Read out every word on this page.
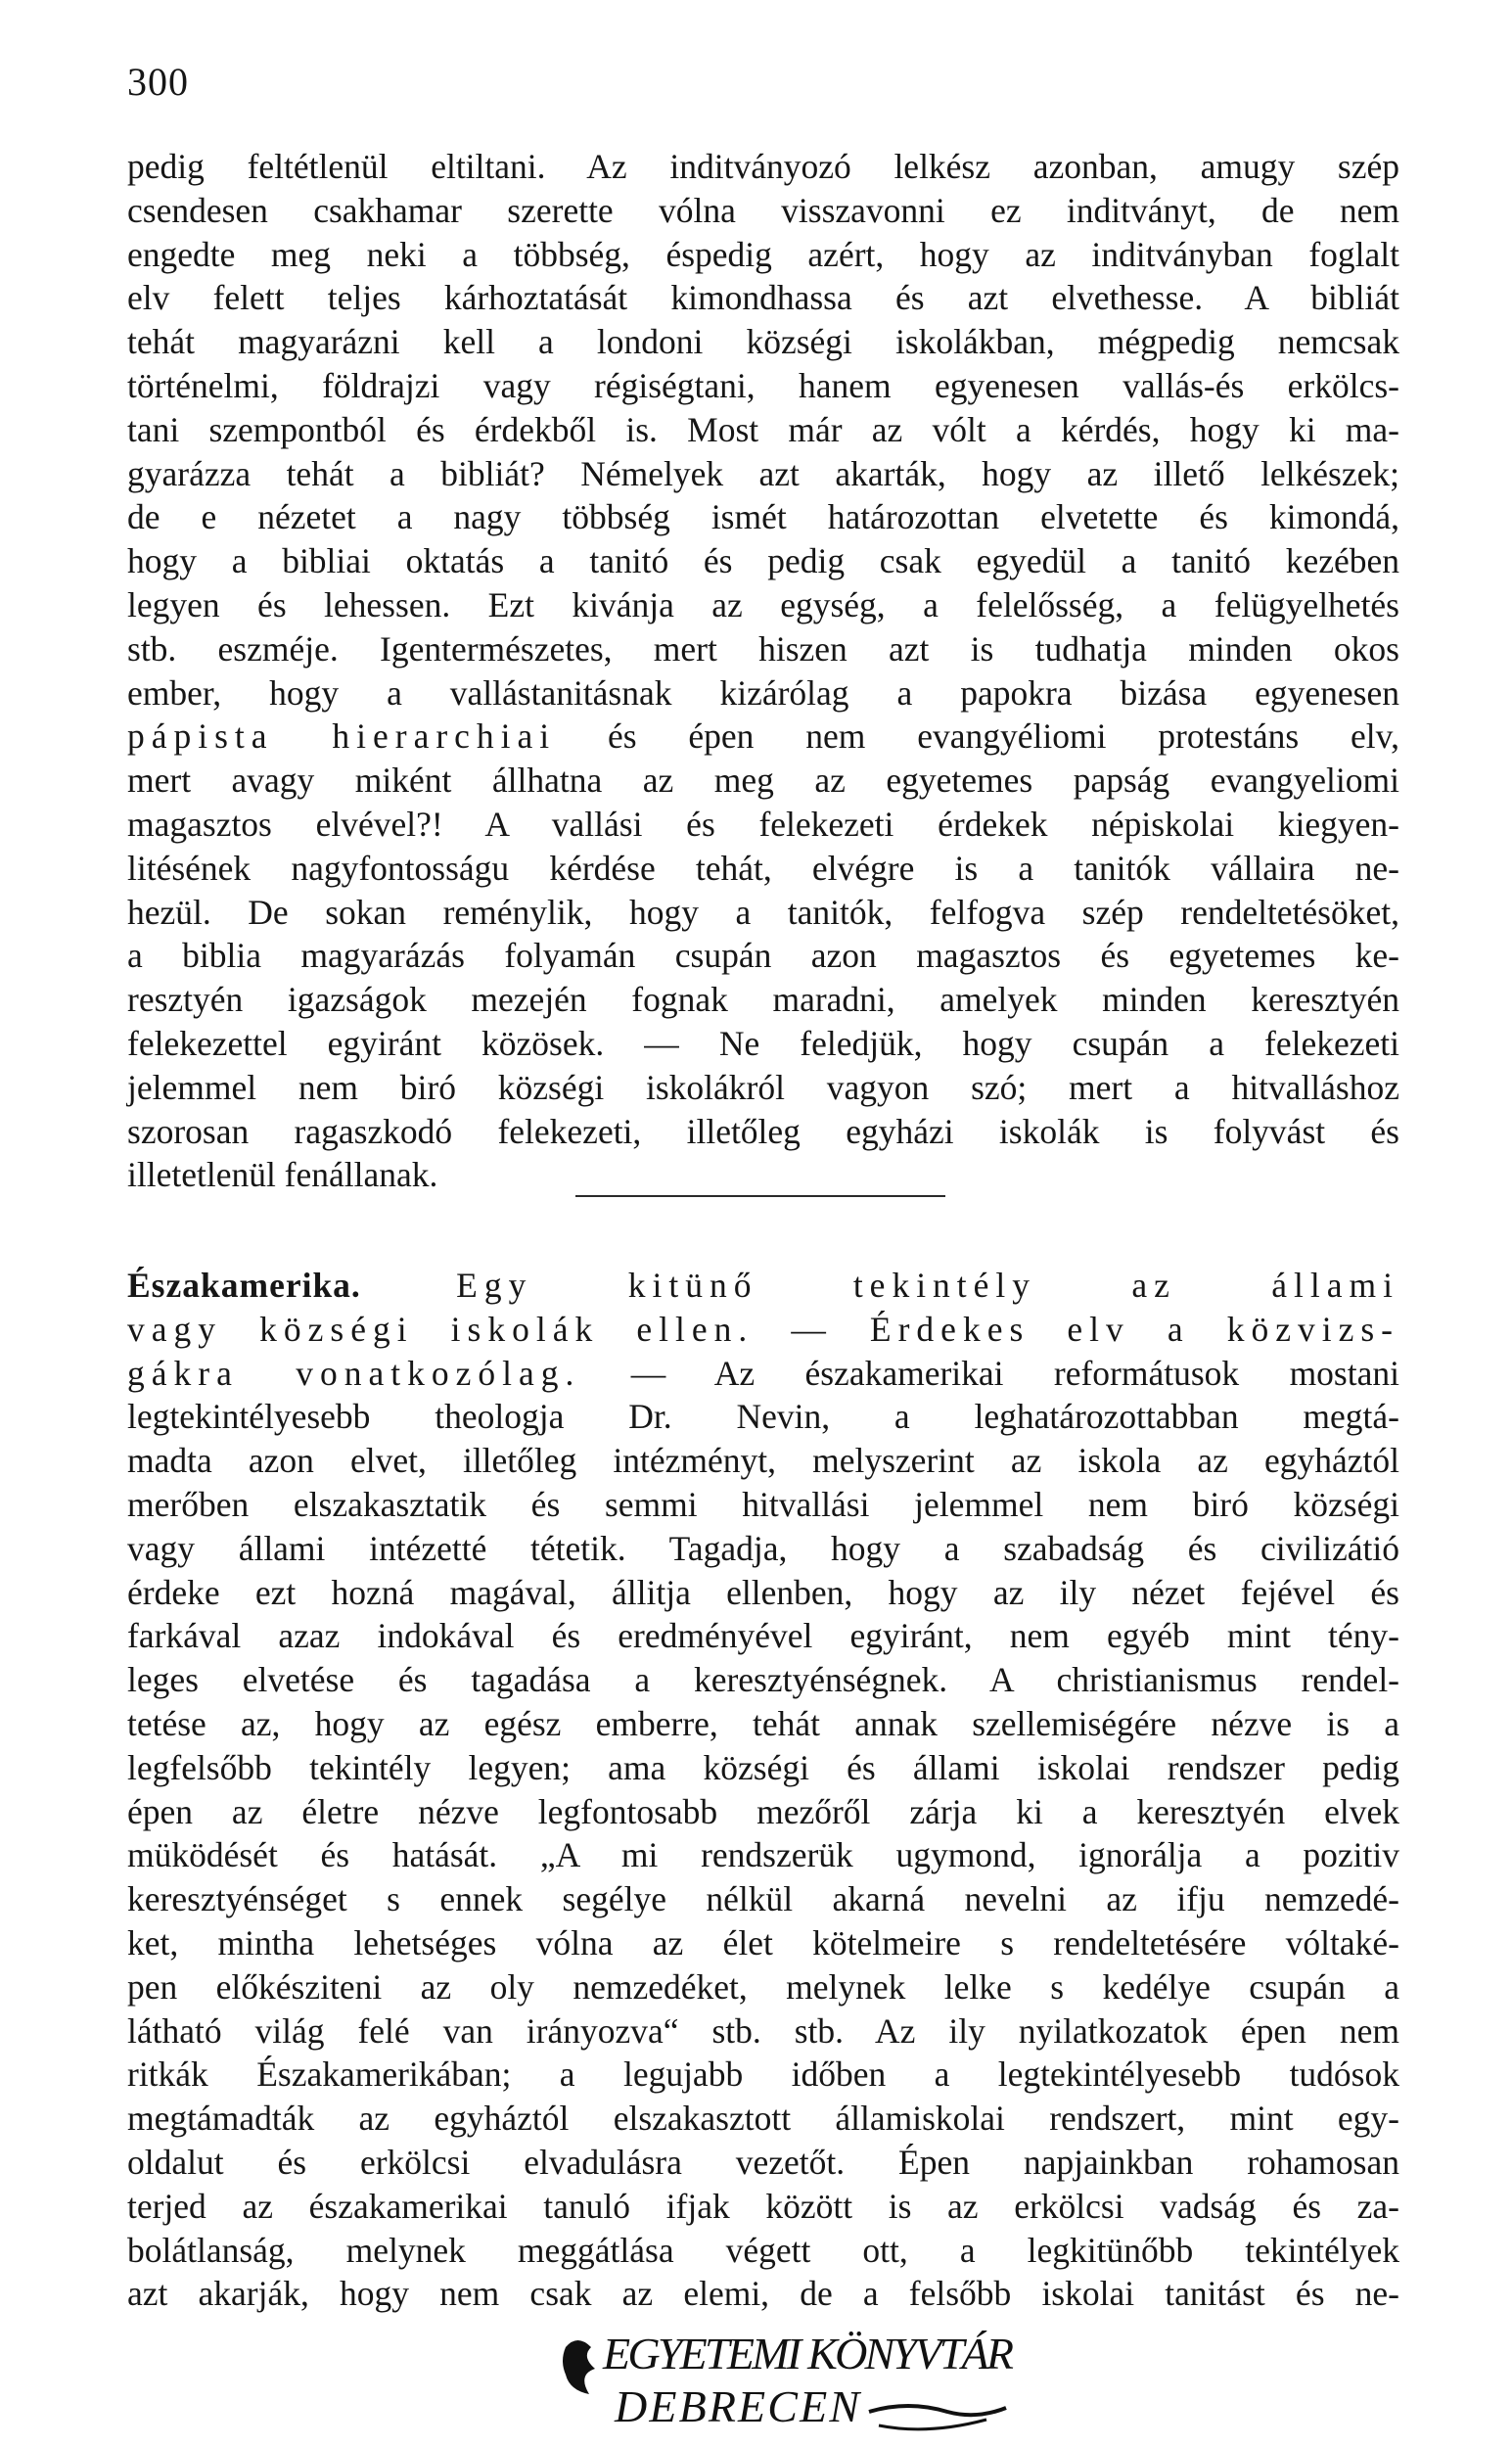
300
pedig feltétlenül eltiltani. Az inditványozó lelkész azonban, amugy szép
csendesen csakhamar szerette vólna visszavonni ez inditványt, de nem
engedte meg neki a többség, éspedig azért, hogy az inditványban foglalt
elv felett teljes kárhoztatását kimondhassa és azt elvethesse. A bibliát
tehát magyarázni kell a londoni községi iskolákban, mégpedig nemcsak
történelmi, földrajzi vagy régiségtani, hanem egyenesen vallás-és erkölcs-
tani szempontból és érdekből is. Most már az vólt a kérdés, hogy ki ma-
gyarázza tehát a bibliát? Némelyek azt akarták, hogy az illető lelkészek;
de e nézetet a nagy többség ismét határozottan elvetette és kimondá,
hogy a bibliai oktatás a tanitó és pedig csak egyedül a tanitó kezében
legyen és lehessen. Ezt kivánja az egység, a felelősség, a felügyelhetés
stb. eszméje. Igentermészetes, mert hiszen azt is tudhatja minden okos
ember, hogy a vallástanitásnak kizárólag a papokra bizása egyenesen
pápista hierarchiai és épen nem evangyéliomi protestáns elv,
mert avagy miként állhatna az meg az egyetemes papság evangyeliomi
magasztos elvével?! A vallási és felekezeti érdekek népiskolai kiegyen-
litésének nagyfontosságu kérdése tehát, elvégre is a tanitók vállaira ne-
hezül. De sokan reménylik, hogy a tanitók, felfogva szép rendeltetésöket,
a biblia magyarázás folyamán csupán azon magasztos és egyetemes ke-
resztyén igazságok mezején fognak maradni, amelyek minden keresztyén
felekezettel egyiránt közösek. — Ne feledjük, hogy csupán a felekezeti
jelemmel nem biró községi iskolákról vagyon szó; mert a hitvalláshoz
szorosan ragaszkodó felekezeti, illetőleg egyházi iskolák is folyvást és
illetetlenül fenállanak.
Északamerika. Egy kitünő tekintély az állami
vagy községi iskolák ellen. — Érdekes elv a közvizs-
gákra vonatkozólag. — Az északamerikai reformátusok mostani
legtekintélyesebb theologja Dr. Nevin, a leghatározottabban megtá-
madta azon elvet, illetőleg intézményt, melyszerint az iskola az egyháztól
merőben elszakasztatik és semmi hitvallási jelemmel nem biró községi
vagy állami intézetté tétetik. Tagadja, hogy a szabadság és civilizátió
érdeke ezt hozná magával, állitja ellenben, hogy az ily nézet fejével és
farkával azaz indokával és eredményével egyiránt, nem egyéb mint tény-
leges elvetése és tagadása a keresztyénségnek. A christianismus rendel-
tetése az, hogy az egész emberre, tehát annak szellemiségére nézve is a
legfelsőbb tekintély legyen; ama községi és állami iskolai rendszer pedig
épen az életre nézve legfontosabb mezőről zárja ki a keresztyén elvek
müködését és hatását. „A mi rendszerük ugymond, ignorálja a pozitiv
keresztyénséget s ennek segélye nélkül akarná nevelni az ifju nemzedé-
ket, mintha lehetséges vólna az élet kötelmeire s rendeltetésére vóltaké-
pen előkésziteni az oly nemzedéket, melynek lelke s kedélye csupán a
látható világ felé van irányozva“ stb. stb. Az ily nyilatkozatok épen nem
ritkák Északamerikában; a legujabb időben a legtekintélyesebb tudósok
megtámadták az egyháztól elszakasztott államiskolai rendszert, mint egy-
oldalut és erkölcsi elvadulásra vezetőt. Épen napjainkban rohamosan
terjed az északamerikai tanuló ifjak között is az erkölcsi vadság és za-
bolátlanság, melynek meggátlása végett ott, a legkitünőbb tekintélyek
azt akarják, hogy nem csak az elemi, de a felsőbb iskolai tanitást és ne-
EGYETEMI KÖNYVTÁR
DEBRECEN
